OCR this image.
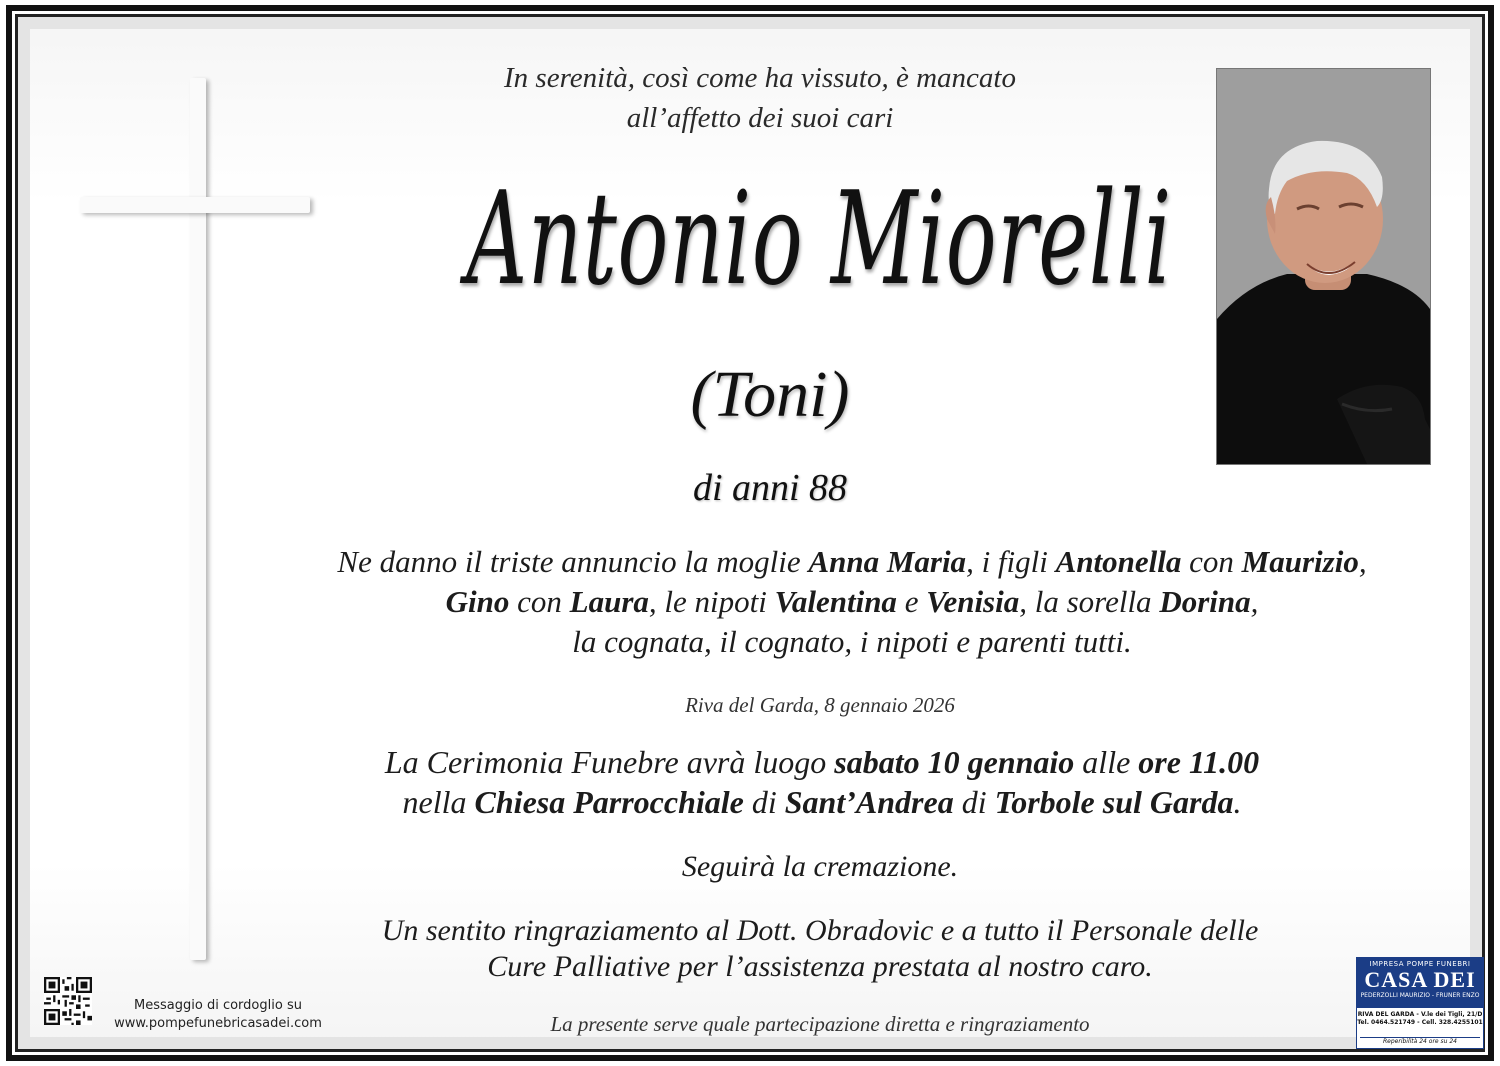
In serenità, così come ha vissuto, è mancato
all’affetto dei suoi cari
Antonio Miorelli
(Toni)
di anni 88
Ne danno il triste annuncio la moglie Anna Maria, i figli Antonella con Maurizio,
Gino con Laura, le nipoti Valentina e Venisia, la sorella Dorina,
la cognata, il cognato, i nipoti e parenti tutti.
Riva del Garda, 8 gennaio 2026
La Cerimonia Funebre avrà luogo sabato 10 gennaio alle ore 11.00
nella Chiesa Parrocchiale di Sant’Andrea di Torbole sul Garda.
Seguirà la cremazione.
Un sentito ringraziamento al Dott. Obradovic e a tutto il Personale delle
Cure Palliative per l’assistenza prestata al nostro caro.
La presente serve quale partecipazione diretta e ringraziamento
Messaggio di cordoglio su
www.pompefunebricasadei.com
IMPRESA POMPE FUNEBRI
CASA DEI
PEDERZOLLI MAURIZIO - FRUNER ENZO
RIVA DEL GARDA - V.le dei Tigli, 21/D
Tel. 0464.521749 - Cell. 328.4255101
Reperibilità 24 ore su 24
